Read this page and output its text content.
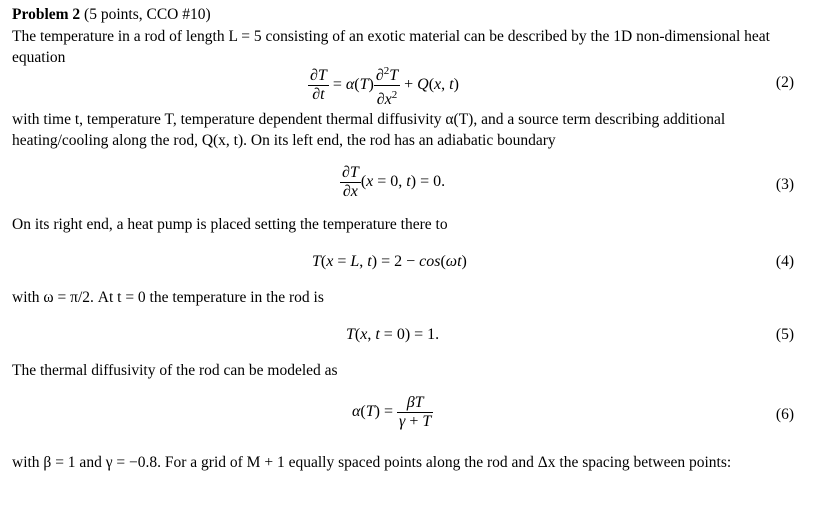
Problem 2 (5 points, CCO #10)
The temperature in a rod of length L = 5 consisting of an exotic material can be described by the 1D non-dimensional heat equation
$\frac{\partial T}{\partial t} = \alpha(T) \frac{\partial^2T}{\partial x^2} + Q(x$, t)	(2)
with time t, temperature T, temperature dependent thermal diffusivity α(T), and a source term describing additional heating/cooling along the rod, Q(x, t). On its left end, the rod has an adiabatic boundary
$\frac{\partial T}{\partial x} (x = 0$, t) = 0.	(3)
On its right end, a heat pump is placed setting the temperature there to
T(x = L, t) = 2 − cos(ωt)	(4)
with ω = π/2. At t = 0 the temperature in the rod is
T(x, t = 0) = 1.	(5)
The thermal diffusivity of the rod can be modeled as
$\alpha(T) = \frac{\beta T}{\gamma + T}$	(6)
with β = 1 and γ = −0.8. For a grid of M + 1 equally spaced points along the rod and Δx the spacing between points:
